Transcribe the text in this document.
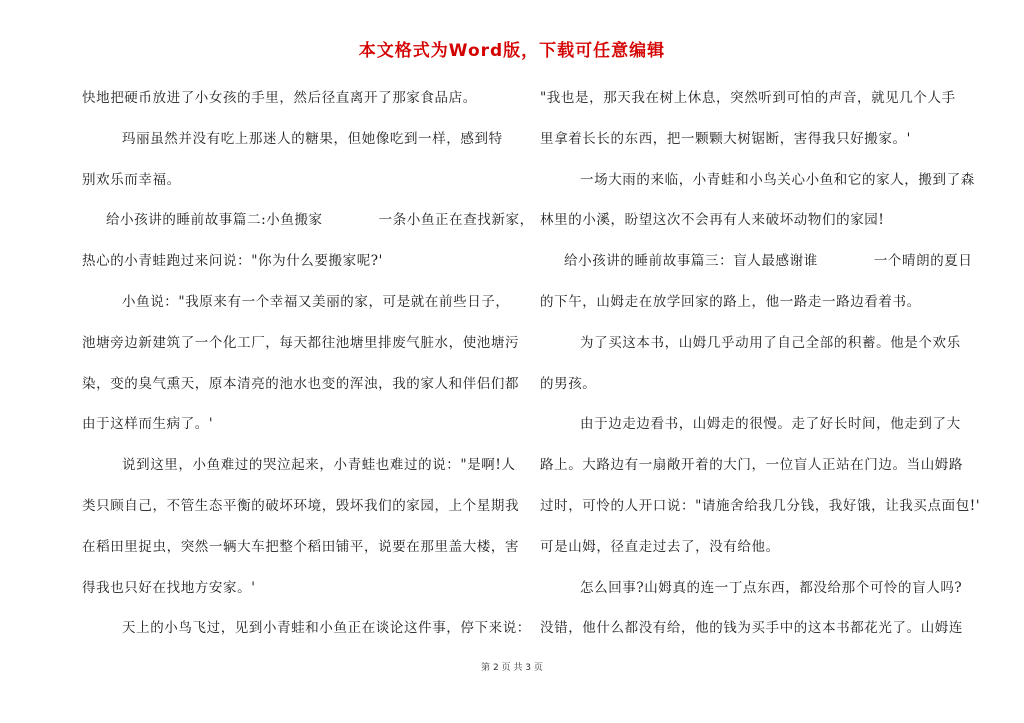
本文格式为Word版，下载可任意编辑
快地把硬币放进了小女孩的手里，然后径直离开了那家食品店。
玛丽虽然并没有吃上那迷人的糖果，但她像吃到一样，感到特
别欢乐而幸福。
给小孩讲的睡前故事篇二:小鱼搬家	一条小鱼正在查找新家，
热心的小青蛙跑过来问说："你为什么要搬家呢?'
小鱼说："我原来有一个幸福又美丽的家，可是就在前些日子，
池塘旁边新建筑了一个化工厂，每天都往池塘里排废气脏水，使池塘污
染，变的臭气熏天，原本清亮的池水也变的浑浊，我的家人和伴侣们都
由于这样而生病了。'
说到这里，小鱼难过的哭泣起来，小青蛙也难过的说："是啊!人
类只顾自己，不管生态平衡的破坏环境，毁坏我们的家园，上个星期我
在稻田里捉虫，突然一辆大车把整个稻田铺平，说要在那里盖大楼，害
得我也只好在找地方安家。'
天上的小鸟飞过，见到小青蛙和小鱼正在谈论这件事，停下来说：
"我也是，那天我在树上休息，突然听到可怕的声音，就见几个人手
里拿着长长的东西，把一颗颗大树锯断，害得我只好搬家。'
一场大雨的来临，小青蛙和小鸟关心小鱼和它的家人，搬到了森
林里的小溪，盼望这次不会再有人来破坏动物们的家园!
给小孩讲的睡前故事篇三：盲人最感谢谁	一个晴朗的夏日
的下午，山姆走在放学回家的路上，他一路走一路边看着书。
为了买这本书，山姆几乎动用了自己全部的积蓄。他是个欢乐
的男孩。
由于边走边看书，山姆走的很慢。走了好长时间，他走到了大
路上。大路边有一扇敞开着的大门，一位盲人正站在门边。当山姆路
过时，可怜的人开口说："请施舍给我几分钱，我好饿，让我买点面包!'
可是山姆，径直走过去了，没有给他。
怎么回事?山姆真的连一丁点东西，都没给那个可怜的盲人吗?
没错，他什么都没有给，他的钱为买手中的这本书都花光了。山姆连
第 2 页 共 3 页
